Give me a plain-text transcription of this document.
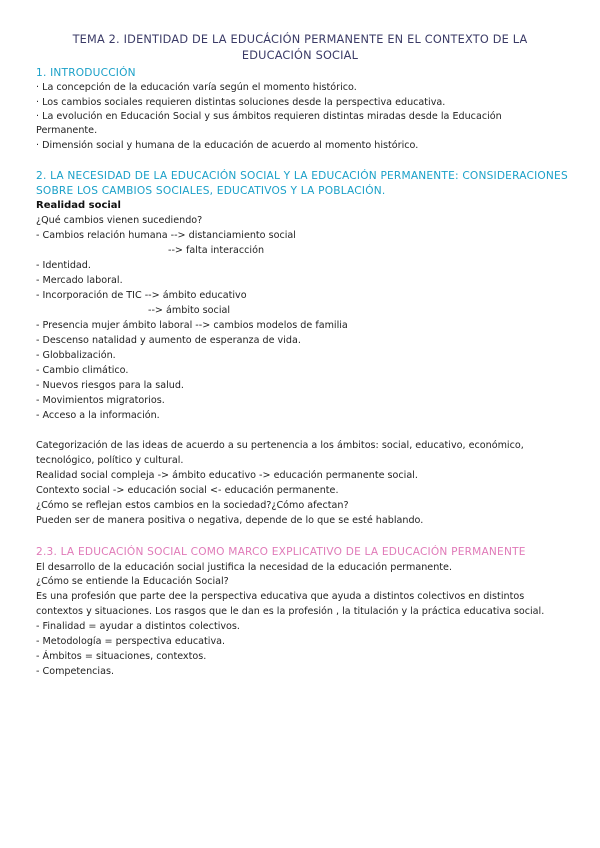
TEMA 2. IDENTIDAD DE LA EDUCÁCIÓN PERMANENTE EN EL CONTEXTO DE LA
EDUCACIÓN SOCIAL
1. INTRODUCCIÓN
· La concepción de la educación varía según el momento histórico.
· Los cambios sociales requieren distintas soluciones desde la perspectiva educativa.
· La evolución en Educación Social y sus ámbitos requieren distintas miradas desde la Educación
Permanente.
· Dimensión social y humana de la educación de acuerdo al momento histórico.
2. LA NECESIDAD DE LA EDUCACIÓN SOCIAL Y LA EDUCACIÓN PERMANENTE: CONSIDERACIONES
SOBRE LOS CAMBIOS SOCIALES, EDUCATIVOS Y LA POBLACIÓN.
Realidad social
¿Qué cambios vienen sucediendo?
- Cambios relación humana --> distanciamiento social
--> falta interacción
- Identidad.
- Mercado laboral.
- Incorporación de TIC --> ámbito educativo
--> ámbito social
- Presencia mujer ámbito laboral --> cambios modelos de familia
- Descenso natalidad y aumento de esperanza de vida.
- Globbalización.
- Cambio climático.
- Nuevos riesgos para la salud.
- Movimientos migratorios.
- Acceso a la información.
Categorización de las ideas de acuerdo a su pertenencia a los ámbitos: social, educativo, económico,
tecnológico, político y cultural.
Realidad social compleja -> ámbito educativo -> educación permanente social.
Contexto social -> educación social <- educación permanente.
¿Cómo se reflejan estos cambios en la sociedad?¿Cómo afectan?
Pueden ser de manera positiva o negativa, depende de lo que se esté hablando.
2.3. LA EDUCACIÓN SOCIAL COMO MARCO EXPLICATIVO DE LA EDUCACIÓN PERMANENTE
El desarrollo de la educación social justifica la necesidad de la educación permanente.
¿Cómo se entiende la Educación Social?
Es una profesión que parte dee la perspectiva educativa que ayuda a distintos colectivos en distintos
contextos y situaciones. Los rasgos que le dan es la profesión , la titulación y la práctica educativa social.
- Finalidad = ayudar a distintos colectivos.
- Metodología = perspectiva educativa.
- Ámbitos = situaciones, contextos.
- Competencias.
